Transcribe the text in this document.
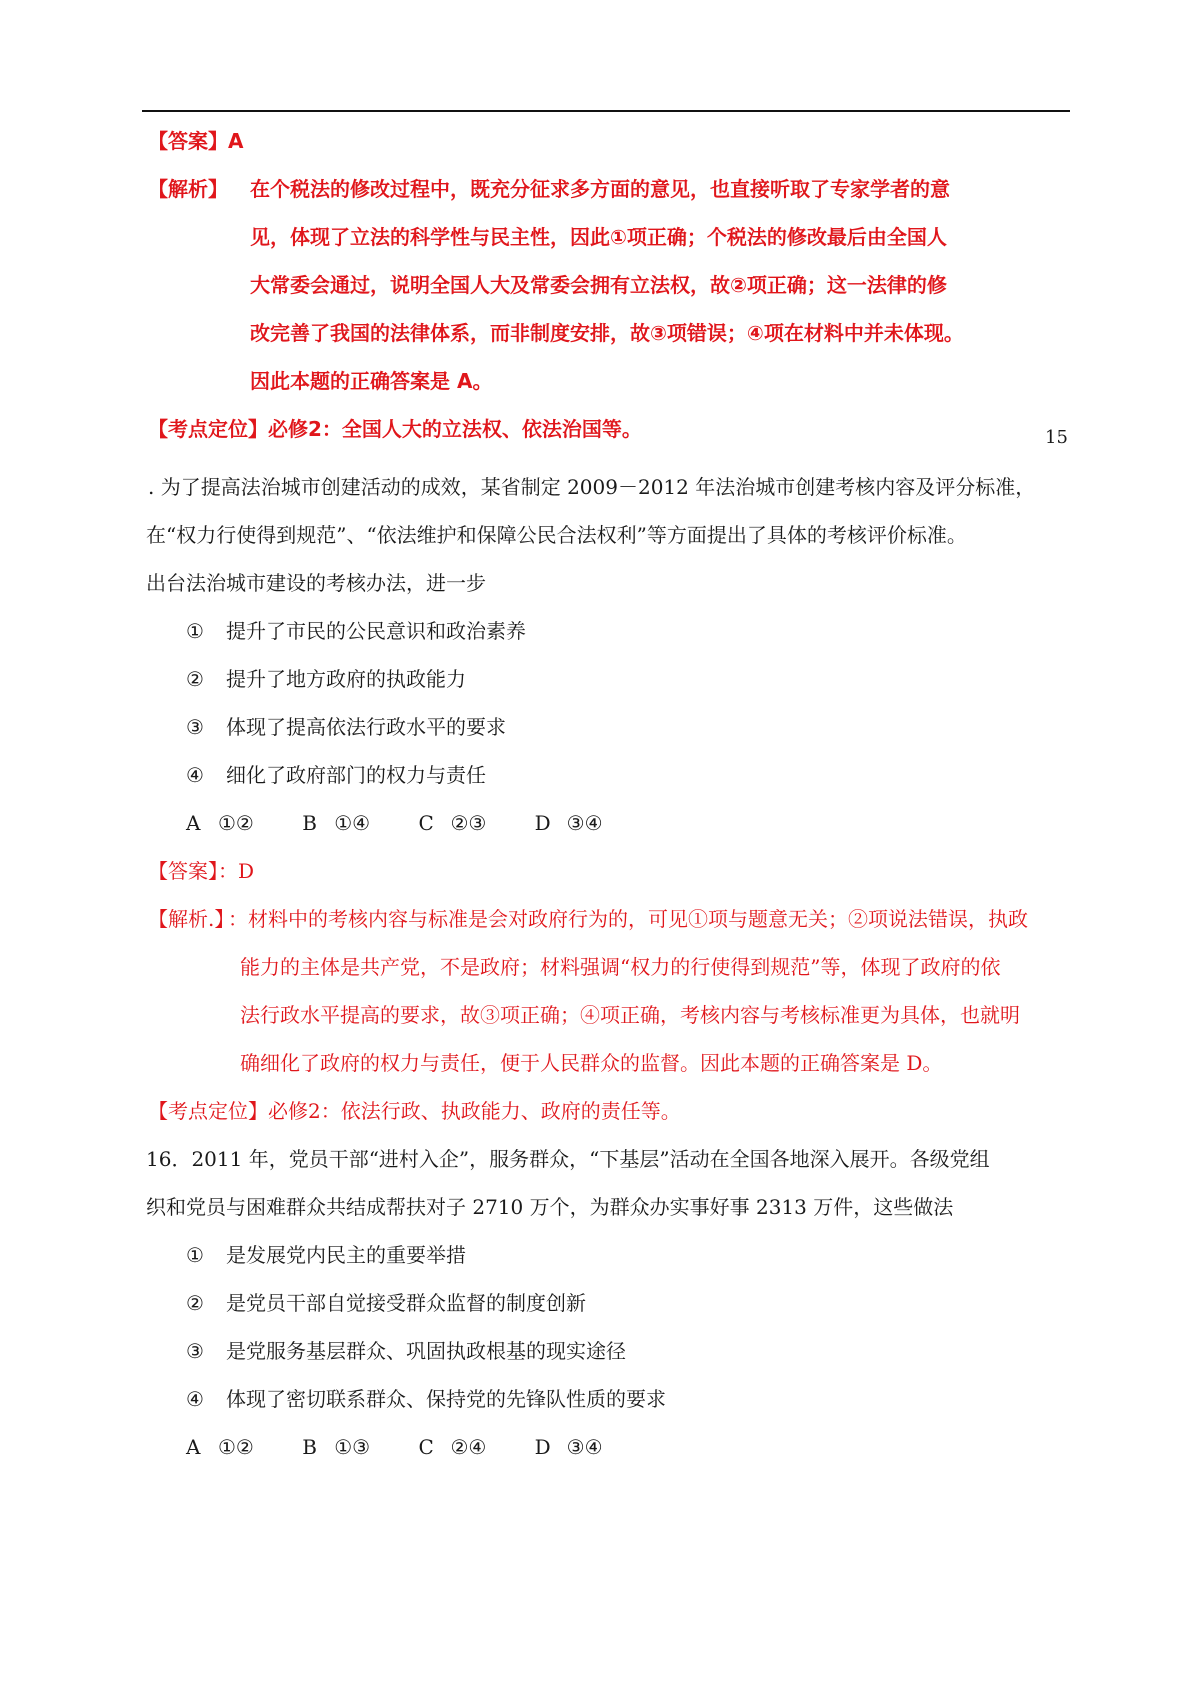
【答案】A
【解析】 在个税法的修改过程中，既充分征求多方面的意见，也直接听取了专家学者的意
见，体现了立法的科学性与民主性，因此①项正确；个税法的修改最后由全国人
大常委会通过，说明全国人大及常委会拥有立法权，故②项正确；这一法律的修
改完善了我国的法律体系，而非制度安排，故③项错误；④项在材料中并未体现。
因此本题的正确答案是 A。
【考点定位】必修2：全国人大的立法权、依法治国等。	15
. 为了提高法治城市创建活动的成效，某省制定 2009－2012 年法治城市创建考核内容及评分标准，
在“权力行使得到规范”、“依法维护和保障公民合法权利”等方面提出了具体的考核评价标准。
出台法治城市建设的考核办法，进一步
① 提升了市民的公民意识和政治素养
② 提升了地方政府的执政能力
③ 体现了提高依法行政水平的要求
④ 细化了政府部门的权力与责任
A ①② B ①④ C ②③ D ③④
【答案】：D
【解析.】
：材料中的考核内容与标准是会对政府行为的，可见①项与题意无关；②项说法错误，执政
能力的主体是共产党，不是政府；材料强调“权力的行使得到规范”等，体现了政府的依
法行政水平提高的要求，故③项正确；④项正确，考核内容与考核标准更为具体，也就明
确细化了政府的权力与责任，便于人民群众的监督。因此本题的正确答案是 D。
【考点定位】必修2：依法行政、执政能力、政府的责任等。
16．2011 年，党员干部“进村入企”，服务群众，“下基层”活动在全国各地深入展开。各级党组
织和党员与困难群众共结成帮扶对子 2710 万个，为群众办实事好事 2313 万件，这些做法
① 是发展党内民主的重要举措
② 是党员干部自觉接受群众监督的制度创新
③ 是党服务基层群众、巩固执政根基的现实途径
④ 体现了密切联系群众、保持党的先锋队性质的要求
A ①② B ①③ C ②④ D ③④
